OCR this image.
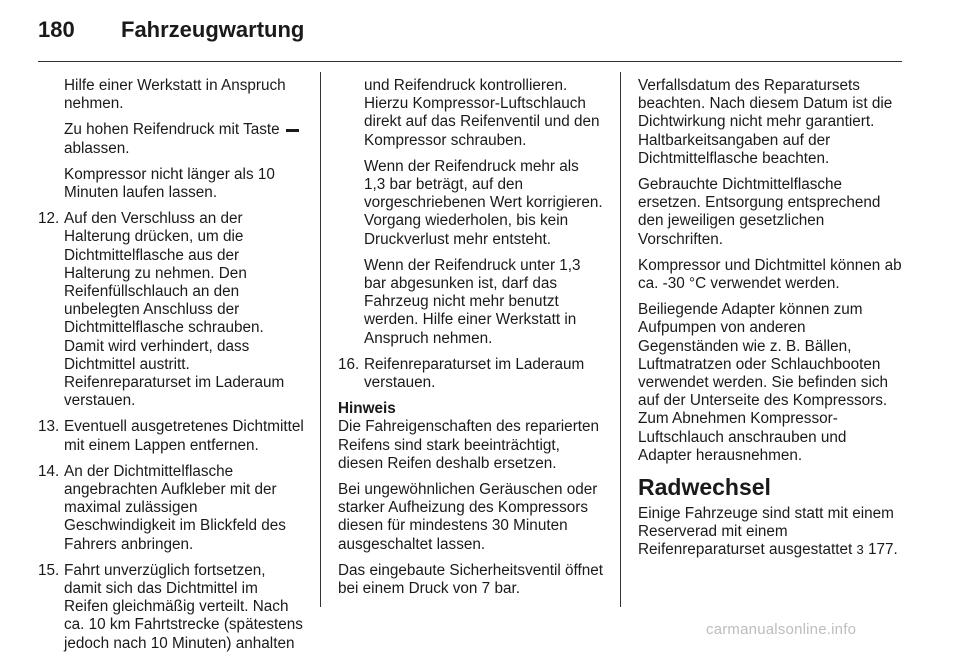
180 Fahrzeugwartung

Hilfe einer Werkstatt in Anspruch nehmen.

Zu hohen Reifendruck mit Taste  ablassen.

Kompressor nicht länger als 10 Minuten laufen lassen.

12. Auf den Verschluss an der Halterung drücken, um die Dichtmittelflasche aus der Halterung zu nehmen. Den Reifenfüllschlauch an den unbelegten Anschluss der Dichtmittelflasche schrauben. Damit wird verhindert, dass Dichtmittel austritt. Reifenreparaturset im Laderaum verstauen.
13. Eventuell ausgetretenes Dichtmittel mit einem Lappen entfernen.
14. An der Dichtmittelflasche angebrachten Aufkleber mit der maximal zulässigen Geschwindigkeit im Blickfeld des Fahrers anbringen.
15. Fahrt unverzüglich fortsetzen, damit sich das Dichtmittel im Reifen gleichmäßig verteilt. Nach ca. 10 km Fahrtstrecke (spätestens jedoch nach 10 Minuten) anhalten

und Reifendruck kontrollieren. Hierzu Kompressor-Luftschlauch direkt auf das Reifenventil und den Kompressor schrauben.

Wenn der Reifendruck mehr als 1,3 bar beträgt, auf den vorgeschriebenen Wert korrigieren. Vorgang wiederholen, bis kein Druckverlust mehr entsteht.

Wenn der Reifendruck unter 1,3 bar abgesunken ist, darf das Fahrzeug nicht mehr benutzt werden. Hilfe einer Werkstatt in Anspruch nehmen.

16. Reifenreparaturset im Laderaum verstauen.

Hinweis

Die Fahreigenschaften des reparierten Reifens sind stark beeinträchtigt, diesen Reifen deshalb ersetzen.

Bei ungewöhnlichen Geräuschen oder starker Aufheizung des Kompressors diesen für mindestens 30 Minuten ausgeschaltet lassen.

Das eingebaute Sicherheitsventil öffnet bei einem Druck von 7 bar.

Verfallsdatum des Reparatursets beachten. Nach diesem Datum ist die Dichtwirkung nicht mehr garantiert. Haltbarkeitsangaben auf der Dichtmittelflasche beachten.

Gebrauchte Dichtmittelflasche ersetzen. Entsorgung entsprechend den jeweiligen gesetzlichen Vorschriften.

Kompressor und Dichtmittel können ab ca. -30 °C verwendet werden.

Beiliegende Adapter können zum Aufpumpen von anderen Gegenständen wie z. B. Bällen, Luftmatratzen oder Schlauchbooten verwendet werden. Sie befinden sich auf der Unterseite des Kompressors. Zum Abnehmen Kompressor-Luftschlauch anschrauben und Adapter herausnehmen.

Radwechsel

Einige Fahrzeuge sind statt mit einem Reserverad mit einem Reifenreparaturset ausgestattet 3 177.

carmanualsonline.info
